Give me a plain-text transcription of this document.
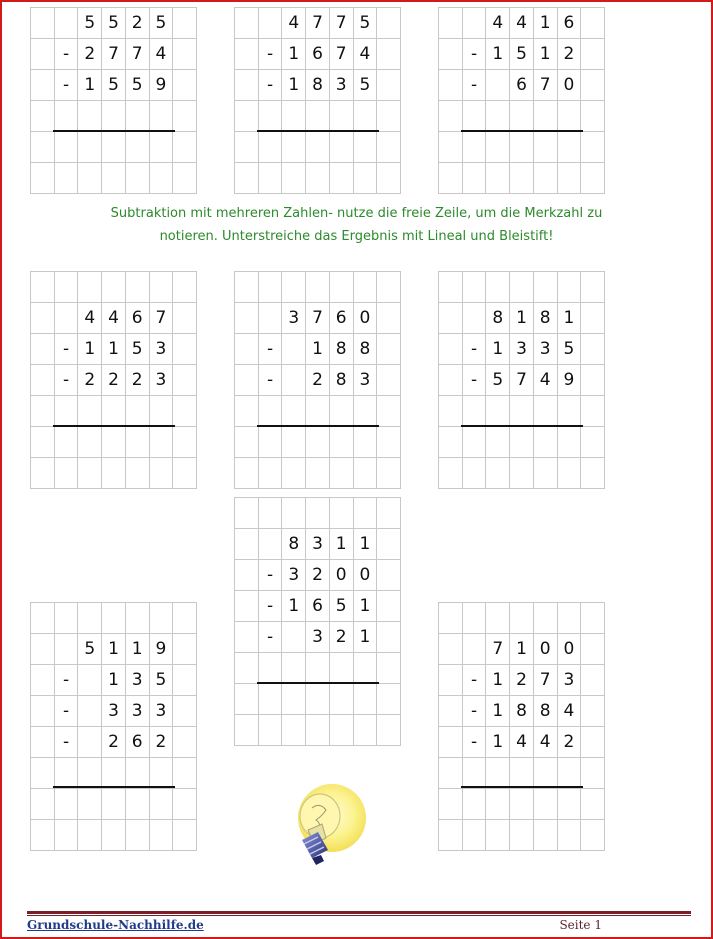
5 5 2 5
- 2 7 7 4
- 1 5 5 9
4 7 7 5
- 1 6 7 4
- 1 8 3 5
4 4 1 6
- 1 5 1 2
-	6 7 0
Subtraktion mit mehreren Zahlen- nutze die freie Zeile, um die Merkzahl zu
notieren. Unterstreiche das Ergebnis mit Lineal und Bleistift!
4 4 6 7
- 1 1 5 3
- 2 2 2 3
3 7 6 0
-	1 8 8
-	2 8 3
8 1 8 1
- 1 3 3 5
- 5 7 4 9
8 3 1 1
- 3 2 0 0
- 1 6 5 1
-	3 2 1
5 1 1 9
-	1 3 5
-	3 3 3
-	2 6 2
7 1 0 0
- 1 2 7 3
- 1 8 8 4
- 1 4 4 2
Grundschule-Nachhilfe.de	Seite 1
